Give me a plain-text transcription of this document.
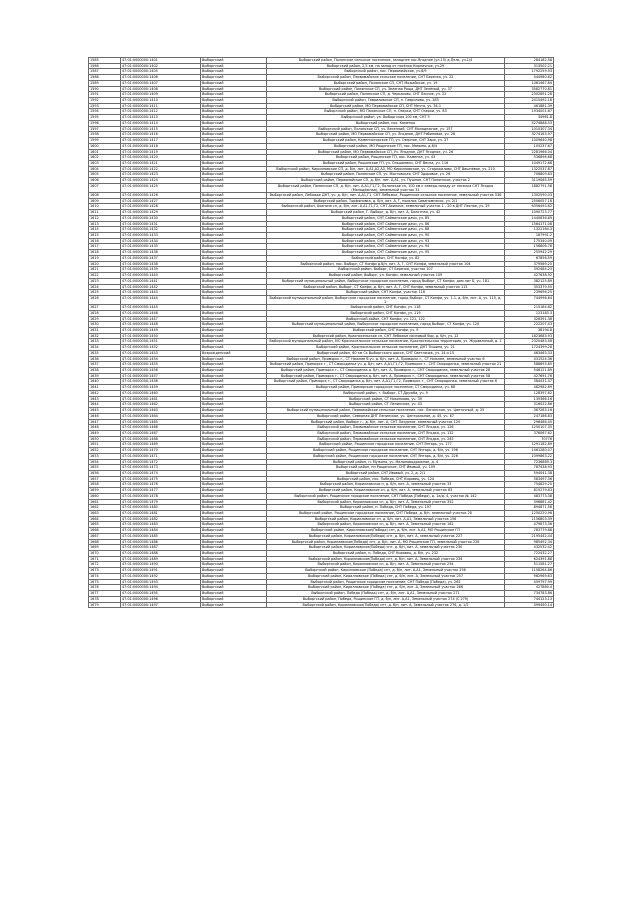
1585	47:01:0000000:1401	Выборгский	Выборгский район, Полянское сельское поселение, западнее пос.Ягодное (ул.15) д.Пелк, уч.1/4	284182.58
1586	47:01:0000000:1402	Выборгский	Выборгский район, 2,5 км. на запад от посёлка Кирпичное, уч.29	313502.21
1587	47:01:0000000:1405	Выборгский	Выборгский район, пос. Первомайское, уч.8/9	1792259.93
1588	47:01:0000000:1406	Выборгский	Выборгский район, Первомайское сельское поселение, СНТ Березка, уч. 22	444980.62
1589	47:01:0000000:1407	Выборгский	Выборгский район, Полянское СП, СНТ Можайское, уч. 19	1061467.84
1590	47:01:0000000:1408	Выборгский	Выборгский район, Полянское СП, уч. Зеленая Роща, ДНТ Зелёный, уч. 37	3582770.81
1591	47:01:0000000:1409	Выборгский	Выборгский район, Полянское СП, д. Черкасово, СНТ Лесное, уч. 22	2302891.28
1592	47:01:0000000:1410	Выборгский	Выборгский район, Гавриловское СП, п. Гаврилово, уч. 183	2415492.18
1593	47:01:0000000:1411	Выборгский	Выборгский район, МО Первомайское СП, СНТ Мечта, уч. 34-1	461881.39
1594	47:01:0000000:1412	Выборгский	Выборгский район, МО Полянское СП, п. Озерки, СНТ Озерки, уч. 83	1934001.67
1595	47:01:0000000:1413	Выборгский	Выборгский район, ул. Выборгская 100 км, СНТ 5	34961.8
1596	47:01:0000000:1414	Выборгский	Выборгский район, пос. Каменка	5274888.53
1597	47:01:0000000:1415	Выборгский	Выборгский район, Полянское СП, уч. Весенний, СНТ Молодежное, уч. 157	1010307.34
1598	47:01:0000000:1416	Выборгский	Выборгский район, МО Первомайское СП, уч. Ягодное, ДНТ Рябиновое, уч. 26	3274163.97
1599	47:01:0000000:1417	Выборгский	Выборгский район, Каменногорское ГП, уч. Озерное, СНТ Заря, уч. 37	1009640.98
1600	47:01:0000000:1418	Выборгский	Выборгский район, МО Рощинское ГП, пос. Мамино, д.8/4	105237.67
1601	47:01:0000000:1419	Выборгский	Выборгский район, МО Первомайское СП, Уч. Ягодное, ДНТ Ягодное, уч. 26	2281966.04
1602	47:01:0000000:1420	Выборгский	Выборгский район, Рощинское ГП, пос. Каменка, уч. 43	536896.68
1603	47:01:0000000:1421	Выборгский	Выборгский район, Рощинское ГП, уч. Ольшаники, СНТ Весна, уч. 116	1049172.68
1604	47:01:0000000:1422	Выборгский	Выборгский район, Кирилловское СП, д. б/н, лит. А,А1,А2,А3, МО Кирилловское, уч. Старожилово, СНТ Вишнёвое, уч. 210	1322537.87
1605	47:01:0000000:1423	Выборгский	Выборгский район, Полянское СП, уч. Мостовская, СНТ Здоровье, уч. 26	708809.63
1606	47:01:0000000:1424	Выборгский	Выборгский район, Первомайское СП, д. б/н, лит. А,А1, уч. Пушнoe, СНТ Полянское, участок 2	3119065.59
1607	47:01:0000000:1425	Выборгский	Выборгский район, Полянское СП, д. б/н, лит. А,А1,Г1,Г2, Полянское сп, 100 км к северо-западу от поселка СНТ Ягодка (Молодёжная), земельный участок 31	1882791.58
1608	47:01:0000000:1426	Выборгский	Выборгский район, Лебяжье ДНТ, уч. д. б/н, лит. А,А1,Г1, СНТ Лебяжье, Рощинское сельское поселение, земельный участок 536	1302590.03
1609	47:01:0000000:1427	Выборгский	Выборгский район, Торфяновка, д. б/н, лит. А, Г, поселок Сиваномпесок, уч. 2/1	2506057.18
1610	47:01:0000000:1428	Выборгский	Выборгский район, Ахиниче сп, д. б/н, лит. А,А1,Г1,Г2, СНТ Ахиниче, земельный участок 1 - 20 в ДНТ Лесное, уч. 29	6356493.62
1611	47:01:0000000:1429	Выборгский	Выборгский район, Г. Выборг, д. б/н, лит. А, Болотная, уч. 42	1090723.77
1612	47:01:0000000:1430	Выборгский	Выборгский район, СНТ Сайменские дачи, уч. 85	1440836.69
1613	47:01:0000000:1431	Выборгский	Выборгский район, СНТ Сайменские дачи, уч. 86	1564171.08
1614	47:01:0000000:1432	Выборгский	Выборгский район, СНТ Сайменские дачи, уч. 88	1322164.3
1615	47:01:0000000:1433	Выборгский	Выборгский район, СНТ Сайменские дачи, уч. 90	187991.2
1616	47:01:0000000:1434	Выборгский	Выборгский район, СНТ Сайменские дачи, уч. 93	175340.09
1617	47:01:0000000:1435	Выборгский	Выборгский район, СНТ Сайменские дачи, уч. 94	156806.76
1618	47:01:0000000:1436	Выборгский	Выборгский район, СНТ Сайменские дачи, уч. 95	255942.29
1619	47:01:0000000:1437	Выборгский	Выборгский район, СНТ Конфи, уч. 82	67856.59
1620	47:01:0000000:1438	Выборгский	Выборгский район, пос. Выборг, СТ Конфи д.б/н, лит. А, Г, СНТ Конфи, земельный участок 104	379569.25
1621	47:01:0000000:1439	Выборгский	Выборгский район, Выборг, СТ Березка, участок 107	392484.23
1622	47:01:0000000:1440	Выборгский	Выборгский район, Выборг, ул. Конфи, земельный участок 109	427638.92
1623	47:01:0000000:1441	Выборгский	Выборгский муниципальный район, Выборгское городское поселение, город Выборг, СТ Конфи, дом лит Б, уч. 181	382125.89
1624	47:01:0000000:1442	Выборгский	Выборгский район, Выборг, СТ Конфи, д. б/н, лит. А, Г, СНТ Конфи, земельный участок 113	353379.55
1625	47:01:0000000:1443	Выборгский	Выборгский район, СНТ Конфи, участок 116	239696.25
1626	47:01:0000000:1444	Выборгский	Выборгский муниципальный район, Выборгское городское поселение, город Выборг, СТ Конфи, уч. 1-1, д. б/н, лит. А, уч. 115, д. 2	744996.64
1627	47:01:0000000:1445	Выборгский	Выборгский район, СНТ Конфи, уч. 118	215184.82
1628	47:01:0000000:1446	Выборгский	Выборгский район, СНТ Конфи, уч. 119	123183.3
1629	47:01:0000000:1447	Выборгский	Выборгский район, СНТ Конфи, уч. 121, 122	326391.38
1630	47:01:0000000:1448	Выборгский	Выборгский муниципальный район, Выборгское городское поселение, город Выборг, СТ Конфи, уч. 120	222207.43
1631	47:01:0000000:1449	Выборгский	Выборгский район, СНТ Конфи, уч. 9	38194.8
1632	47:01:0000000:1450	Выборгский	Выборгский район, Красносельское сп, СНТ Лебяжье сосновый бор, д. б/н, уч. 12	1823683.93
1633	47:01:0000000:1451	Выборгский	Выборгский муниципальный район, МО Красносельское сельское поселение, Красносельская территория, уч. Журавлиный, д. 1	2320483.58
1634	47:01:0000000:1452	Выборгский	Выборгский район, Красносельское сельское поселение, ДНТ Тишина, уч. 21	1724399.28
1635	47:01:0000000:1453	Возрожденский	Выборгский район, 60 км Ск Выборгского шоссе, СНТ Светлячок, уч. 14 и 15	463463.33
1636	47:01:0000000:1454	Выборгский	Выборгский район, Приморск г., СТ Нижнее б.уч. д. б/н, лит. А, Приморск г., СТ Нижнее, земельный участок 6	431524.36
1637	47:01:0000000:1455	Выборгский	Выборгский район, Приморск г., СТ Смородинка уч. д. б/н, лит. А,А1,Г1,Г2, Приморск г., СНТ Смородинка, земельный участок 21	588693.85
1638	47:01:0000000:1456	Выборгский	Выборгский район, Приморск г., СТ Смородинка д. б/н, лит. А, Приморск г., СНТ Смородинка, земельный участок 28	546121.89
1639	47:01:0000000:1457	Выборгский	Выборгский район, Приморск г., СТ Смородинка д. б/н, лит. А, Приморск г., СНТ Смородинка, земельный участок 58	427691.76
1640	47:01:0000000:1458	Выборгский	Выборгский район, Приморск г., СТ Смородинка д. б/н, лит. А,А1,Г1,Г2, Приморск г., СНТ Смородинка, земельный участок 6	384431.47
1641	47:01:0000000:1459	Выборгский	Выборгский район, Приморское городское поселение, СТ Смородинка, уч. 68	482982.69
1642	47:01:0000000:1460	Выборгский	Выборгский район, г. Выборг, СТ Дружба, уч. 9	128397.82
1643	47:01:0000000:1461	Выборгский	Выборгский район, СТ Никонково, уч. 39	139366.16
1644	47:01:0000000:1462	Выборгский	Выборгский район, СТ Ленинское, уч. 43	316022.86
1645	47:01:0000000:1463	Выборгский	Выборгский муниципальный район, Первомайское сельское поселение, пос. Ленинское, уч. Цветочный, д. 25	367283.16
1646	47:01:0000000:1464	Выборгский	Выборгский район, Северная ДНТ Ленинское, уч. Центральное, д. 45, уч. 67	247186.83
1647	47:01:0000000:1465	Выборгский	Выборгский район, Выборг г., д. б/н, лит. А, СНТ Лазурное, земельный участок 120	298486.45
1648	47:01:0000000:1466	Выборгский	Выборгский район, Первомайское сельское поселение, СНТ Ягодка, уч. 126	1250107.35
1649	47:01:0000000:1467	Выборгский	Выборгский район, Первомайское сельское поселение, СНТ Ягодка, уч. 132	376067.62
1650	47:01:0000000:1468	Выборгский	Выборгский район, Первомайское сельское поселение, СНТ Ягодка, уч. 245	70776
1651	47:01:0000000:1469	Выборгский	Выборгский район, Рощинское городское поселение, СНТ Янтарь, уч. 177	1291182.89
1652	47:01:0000000:1470	Выборгский	Выборгский район, Рощинское городское поселение, СНТ Янтарь, д. б/н, уч. 196	1461280.07
1653	47:01:0000000:1471	Выборгский	Выборгский район, Рощинское городское поселение, СНТ Янтарь, д. б/н, уч. 226	1099863.22
1654	47:01:0000000:1472	Выборгский	Выборгский район, п. Мужино, уч. Малиноводражное, д. 4	7236889.3
1655	47:01:0000000:1473	Выборгский	Выборгский район, пп Рощинское, СНТ Ивовый, уч. 109	787438.93
1656	47:01:0000000:1474	Выборгский	Выборгский район, СНТ Ивовый, уч. 2, д. 2/1	594041.38
1657	47:01:0000000:1475	Выборгский	Выборгский район, пос. Победа, СНТ Кировец, уч. 124	583497.36
1658	47:01:0000000:1476	Выборгский	Выборгский район, Кирилловское п, д. б/н, лит. А, земельный участок 33	754829.25
1659	47:01:0000000:1477	Выборгский	Выборгский район, Кирилловское сп, д. б/н, лит. А, земельный участок 83	815279.63
1660	47:01:0000000:1478	Выборгский	Выборгский район, Рощинское городское поселение, СНТ Победа (Победа), д. 1а/д. 4, участок № 142	483773.38
1661	47:01:0000000:1479	Выборгский	Выборгский район, Кирилловское сп, д. б/н, лит. А, Земельный участок 352	396881.42
1662	47:01:0000000:1480	Выборгский	Выборгский район, п. Победа, СНТ Победа, уч. 197	894871.58
1663	47:01:0000000:1481	Выборгский	Выборгский район, Рощинское городское поселение, СНТ Победа, д. б/н, земельный участок 20	1250220.96
1664	47:01:0000000:1482	Выборгский	Выборгский район, Кирилловское сп, д. б/н, лит. А,А1, Земельный участок 156	1156803.39
1665	47:01:0000000:1483	Выборгский	Выборгский район, Кирилловское сп, д. б/н, лит. А, Земельный участок 162	479873.36
1666	47:01:0000000:1484	Выборгский	Выборгский район, Кирилловское(Победа) снт, д. б/н, лит. А,А1, МО Рощинское ГП	783779.88
1667	47:01:0000000:1485	Выборгский	Выборгский район, Кирилловское(Победа) снт, д. б/н, лит. А, земельный участок 227	2195442.44
1668	47:01:0000000:1486	Выборгский	Выборгский район, Кирилловское(Победа) снт, д. б/н, лит. А, МО Рощинское ГП, земельный участок 228	985492.34
1669	47:01:0000000:1487	Выборгский	Выборгский район, Кирилловское(Победа) снт, д. б/н, лит. А, земельный участок 230	432532.42
1670	47:01:0000000:1488	Выборгский	Выборгский район, п. Победа, СНТ Кировец, д. б/н, уч. 232	722432.27
1671	47:01:0000000:1489	Выборгский	Выборгский район, Кирилловское(Победа) снт, д. б/н, лит. А, Земельный участок 234	624391.88
1672	47:01:0000000:1490	Выборгский	Выборгский район, Кирилловское сп, д. б/н, лит. А, Земельный участок 254	511581.27
1673	47:01:0000000:1491	Выборгский	Выборгский район, Кирилловское (Победа) снт, д. б/н, лит. А,А1, Земельный участок 256	1158264.86
1674	47:01:0000000:1492	Выборгский	Выборгский район, Кирилловское (Победа) снт, д. б/н, лит. А, Земельный участок 257	962969.63
1675	47:01:0000000:1493	Выборгский	Выборгский район, Рощинское городское поселение, СНТ Победа (Победа), уч. 265	459797.99
1676	47:01:0000000:1494	Выборгский	Выборгский район, Кирилловское (Победа) снт, д. б/н, лит. А, Земельный участок 266	427880.4
1677	47:01:0000000:1495	Выборгский	Выборгский район, Победа (Победа) снт, д. б/н, лит. А,А1, Земельный участок 271	734783.86
1678	47:01:0000000:1496	Выборгский	Выборгский район, Победа, Рощинское ГП, д. б/н, лит. А,А1, Земельный участок 274 (С 279)	744123.13
1679	47:01:0000000:1497	Выборгский	Выборгский район, Кирилловское(Победа) снт, д. б/н, лит. А, Земельный участок 276, д. 1/2	399490.14
